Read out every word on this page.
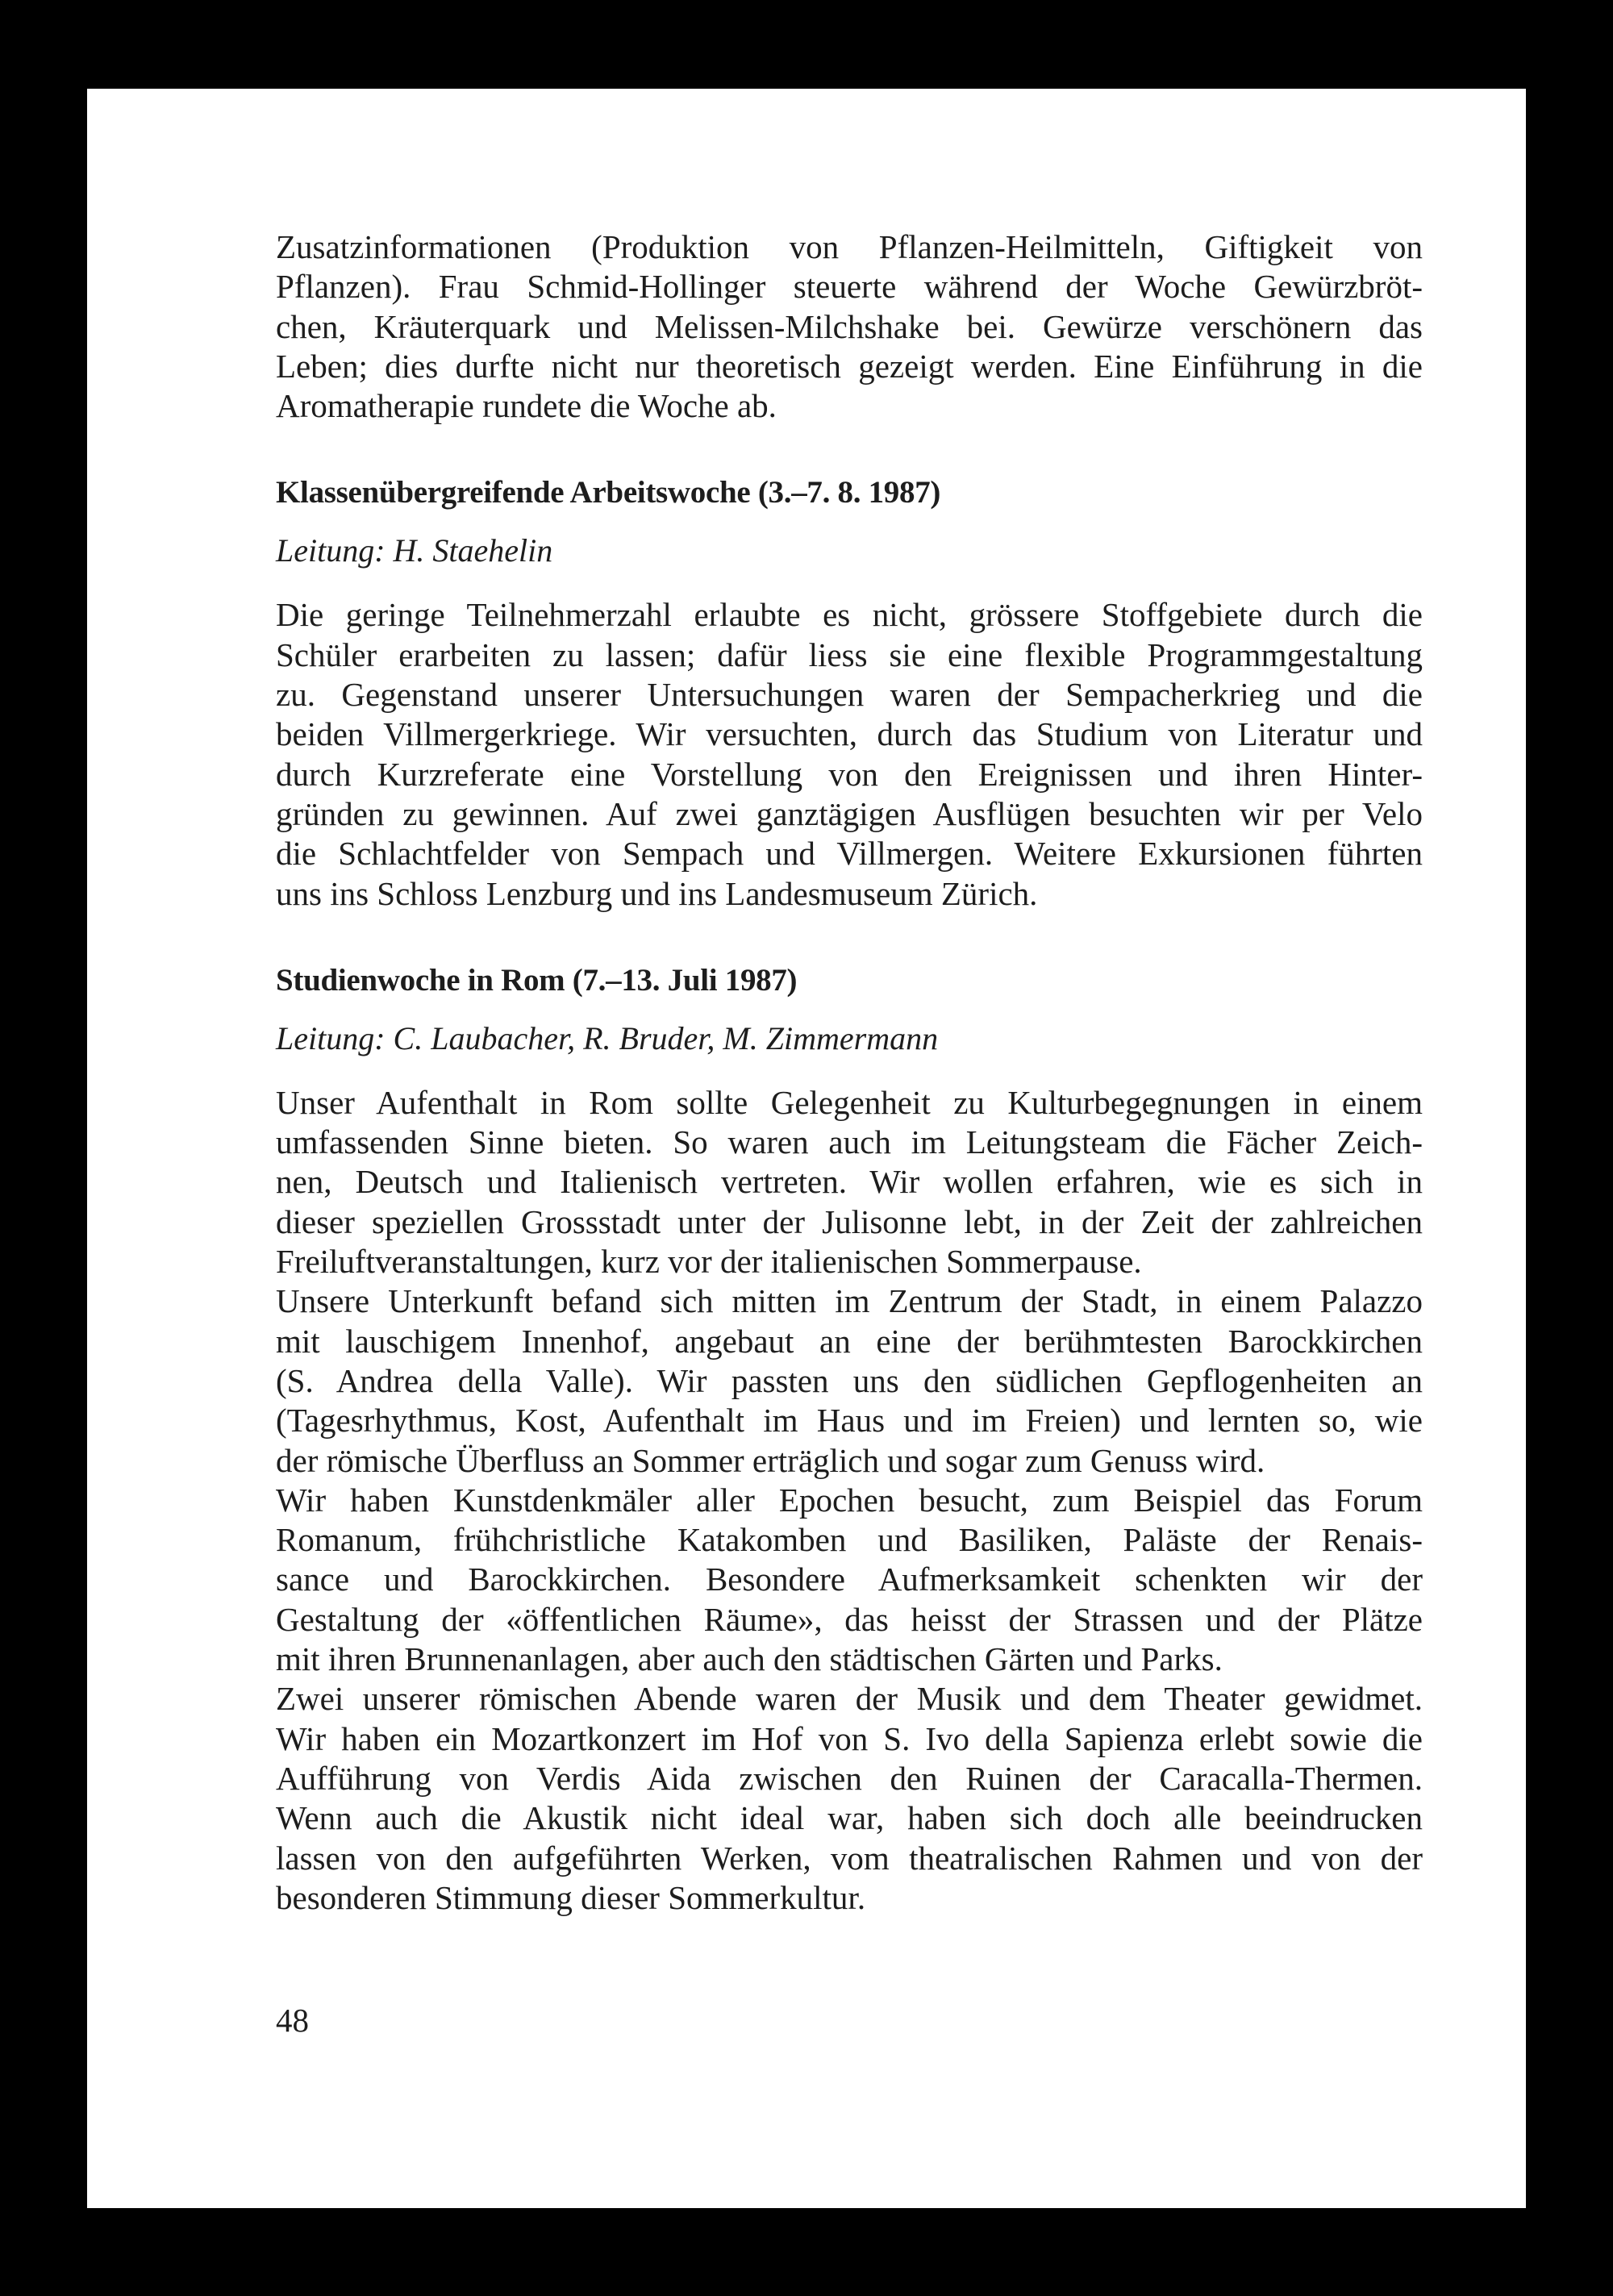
Zusatzinformationen (Produktion von Pflanzen-Heilmitteln, Giftigkeit von
Pflanzen). Frau Schmid-Hollinger steuerte während der Woche Gewürzbröt-
chen, Kräuterquark und Melissen-Milchshake bei. Gewürze verschönern das
Leben; dies durfte nicht nur theoretisch gezeigt werden. Eine Einführung in die
Aromatherapie rundete die Woche ab.
Klassenübergreifende Arbeitswoche (3.–7. 8. 1987)
Leitung: H. Staehelin
Die geringe Teilnehmerzahl erlaubte es nicht, grössere Stoffgebiete durch die
Schüler erarbeiten zu lassen; dafür liess sie eine flexible Programmgestaltung
zu. Gegenstand unserer Untersuchungen waren der Sempacherkrieg und die
beiden Villmergerkriege. Wir versuchten, durch das Studium von Literatur und
durch Kurzreferate eine Vorstellung von den Ereignissen und ihren Hinter-
gründen zu gewinnen. Auf zwei ganztägigen Ausflügen besuchten wir per Velo
die Schlachtfelder von Sempach und Villmergen. Weitere Exkursionen führten
uns ins Schloss Lenzburg und ins Landesmuseum Zürich.
Studienwoche in Rom (7.–13. Juli 1987)
Leitung: C. Laubacher, R. Bruder, M. Zimmermann
Unser Aufenthalt in Rom sollte Gelegenheit zu Kulturbegegnungen in einem
umfassenden Sinne bieten. So waren auch im Leitungsteam die Fächer Zeich-
nen, Deutsch und Italienisch vertreten. Wir wollen erfahren, wie es sich in
dieser speziellen Grossstadt unter der Julisonne lebt, in der Zeit der zahlreichen
Freiluftveranstaltungen, kurz vor der italienischen Sommerpause.
Unsere Unterkunft befand sich mitten im Zentrum der Stadt, in einem Palazzo
mit lauschigem Innenhof, angebaut an eine der berühmtesten Barockkirchen
(S. Andrea della Valle). Wir passten uns den südlichen Gepflogenheiten an
(Tagesrhythmus, Kost, Aufenthalt im Haus und im Freien) und lernten so, wie
der römische Überfluss an Sommer erträglich und sogar zum Genuss wird.
Wir haben Kunstdenkmäler aller Epochen besucht, zum Beispiel das Forum
Romanum, frühchristliche Katakomben und Basiliken, Paläste der Renais-
sance und Barockkirchen. Besondere Aufmerksamkeit schenkten wir der
Gestaltung der «öffentlichen Räume», das heisst der Strassen und der Plätze
mit ihren Brunnenanlagen, aber auch den städtischen Gärten und Parks.
Zwei unserer römischen Abende waren der Musik und dem Theater gewidmet.
Wir haben ein Mozartkonzert im Hof von S. Ivo della Sapienza erlebt sowie die
Aufführung von Verdis Aida zwischen den Ruinen der Caracalla-Thermen.
Wenn auch die Akustik nicht ideal war, haben sich doch alle beeindrucken
lassen von den aufgeführten Werken, vom theatralischen Rahmen und von der
besonderen Stimmung dieser Sommerkultur.
48
